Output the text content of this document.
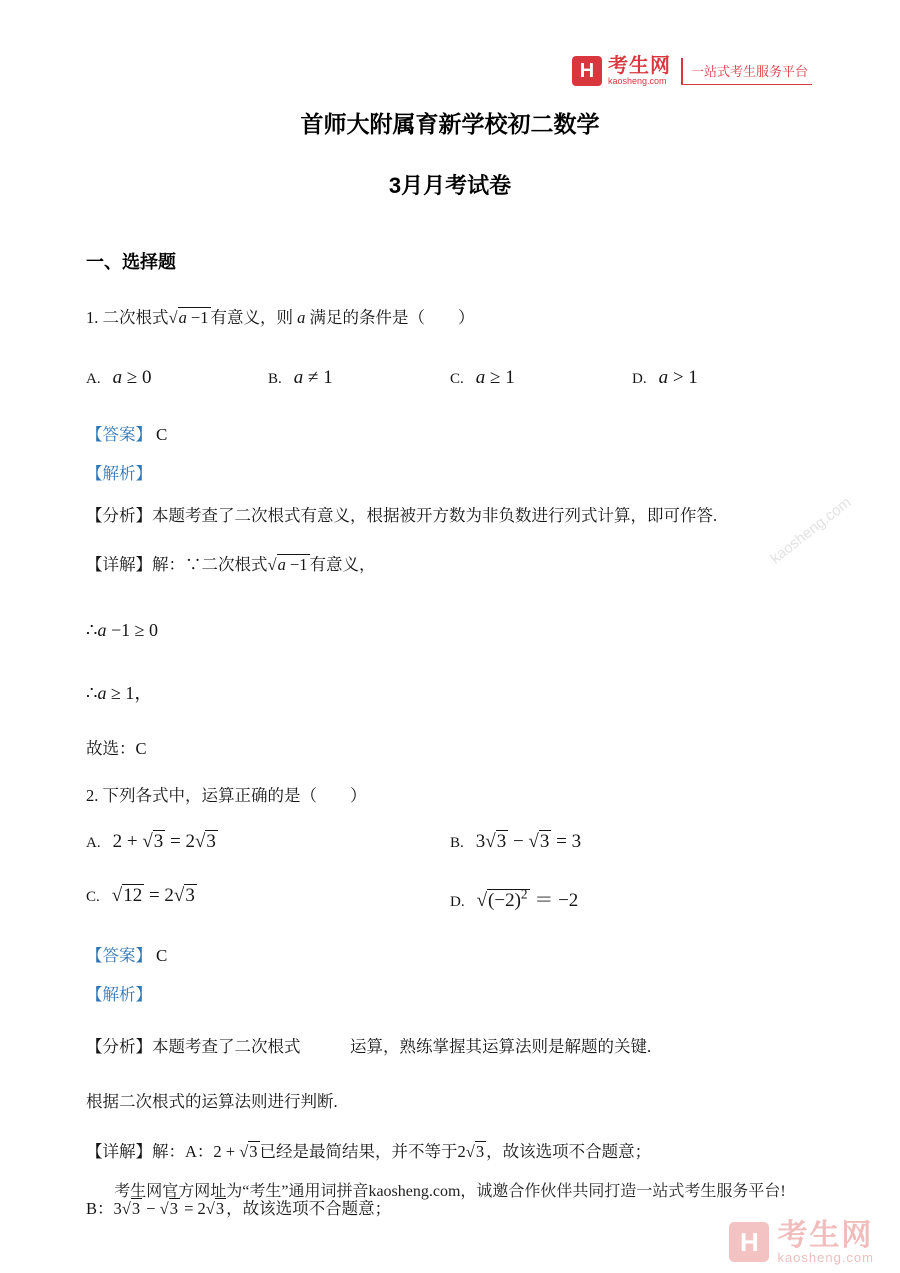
H 考生网
kaosheng.com
一站式考生服务平台
kaosheng.com
首师大附属育新学校初二数学
3月月考试卷
一、选择题

1. 二次根式√a −1 有意义，则 a 满足的条件是（　　）

A. a ≥ 0	B. a ≠ 1	C. a ≥ 1	D. a > 1

【答案】 C

【解析】

【分析】本题考查了二次根式有意义，根据被开方数为非负数进行列式计算，即可作答.

【详解】解：∵二次根式√a −1 有意义，

∴a −1 ≥ 0

∴a ≥ 1，

故选：C

2. 下列各式中，运算正确的是（　　）

A. 2 + √3 = 2√3	B. 3√3 − √3 = 3
C. √12 = 2√3	D. $√(-2)^2 = -2$

【答案】 C

【解析】

【分析】本题考查了二次根式　　　运算，熟练掌握其运算法则是解题的关键.

根据二次根式的运算法则进行判断.

【详解】解：A：2 + √3 已经是最简结果，并不等于2√3 ，故该选项不合题意；

B：3√3 − √3 = 2√3 ，故该选项不合题意；

考生网官方网址为“考生”通用词拼音kaosheng.com，诚邀合作伙伴共同打造一站式考生服务平台!
H 考生网
kaosheng.com
